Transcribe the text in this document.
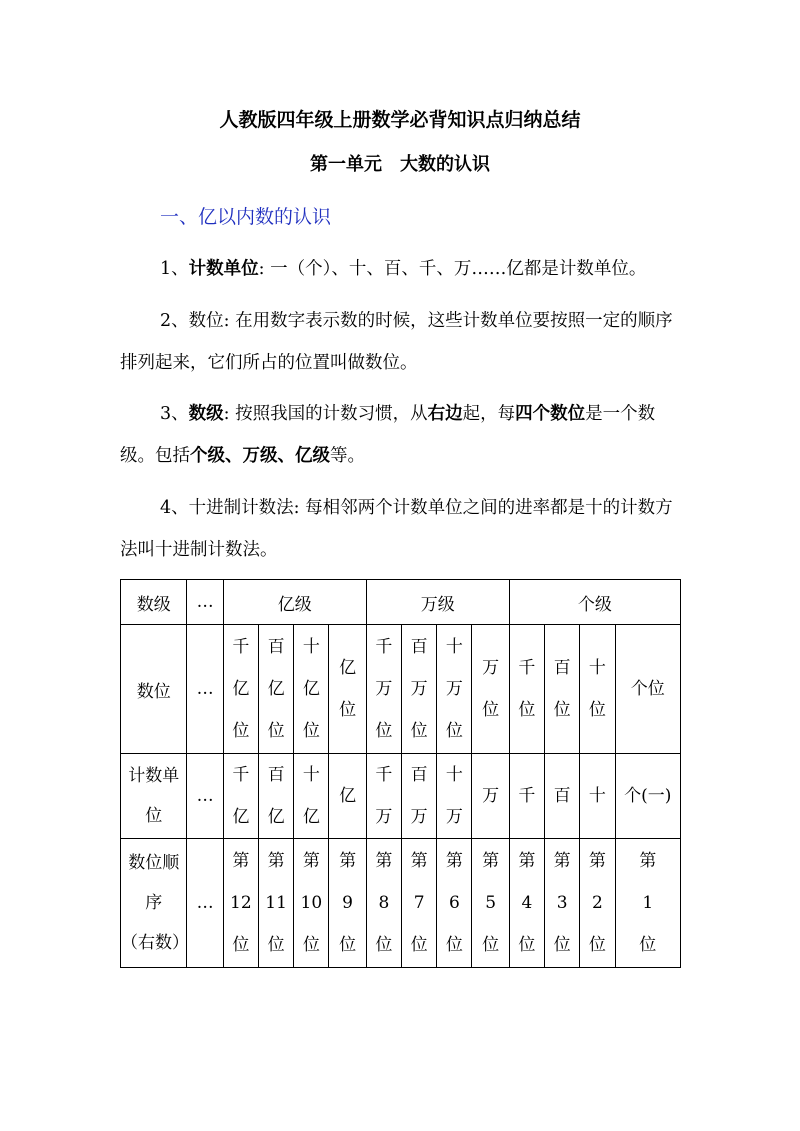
人教版四年级上册数学必背知识点归纳总结
第一单元　大数的认识
一、亿以内数的认识

1、计数单位: 一（个）、十、百、千、万……亿都是计数单位。

2、数位: 在用数字表示数的时候，这些计数单位要按照一定的顺序排列起来，它们所占的位置叫做数位。

3、数级: 按照我国的计数习惯，从右边起，每四个数位是一个数级。包括个级、万级、亿级等。

4、十进制计数法: 每相邻两个计数单位之间的进率都是十的计数方法叫十进制计数法。

数级	…	亿级				万级				个级			
数位	…	千
亿
位	百
亿
位	十
亿
位	亿
位	千
万
位	百
万
位	十
万
位	万
位	千
位	百
位	十
位	个位

计数单
位	…	千
亿	百
亿	十
亿	亿	千
万	百
万	十
万	万	千	百	十	个(一)

数位顺
序
（右数）	…	第
12
位	第
11
位	第
10
位	第
9
位	第
8
位	第
7
位	第
6
位	第
5
位	第
4
位	第
3
位	第
2
位	第
1
位
